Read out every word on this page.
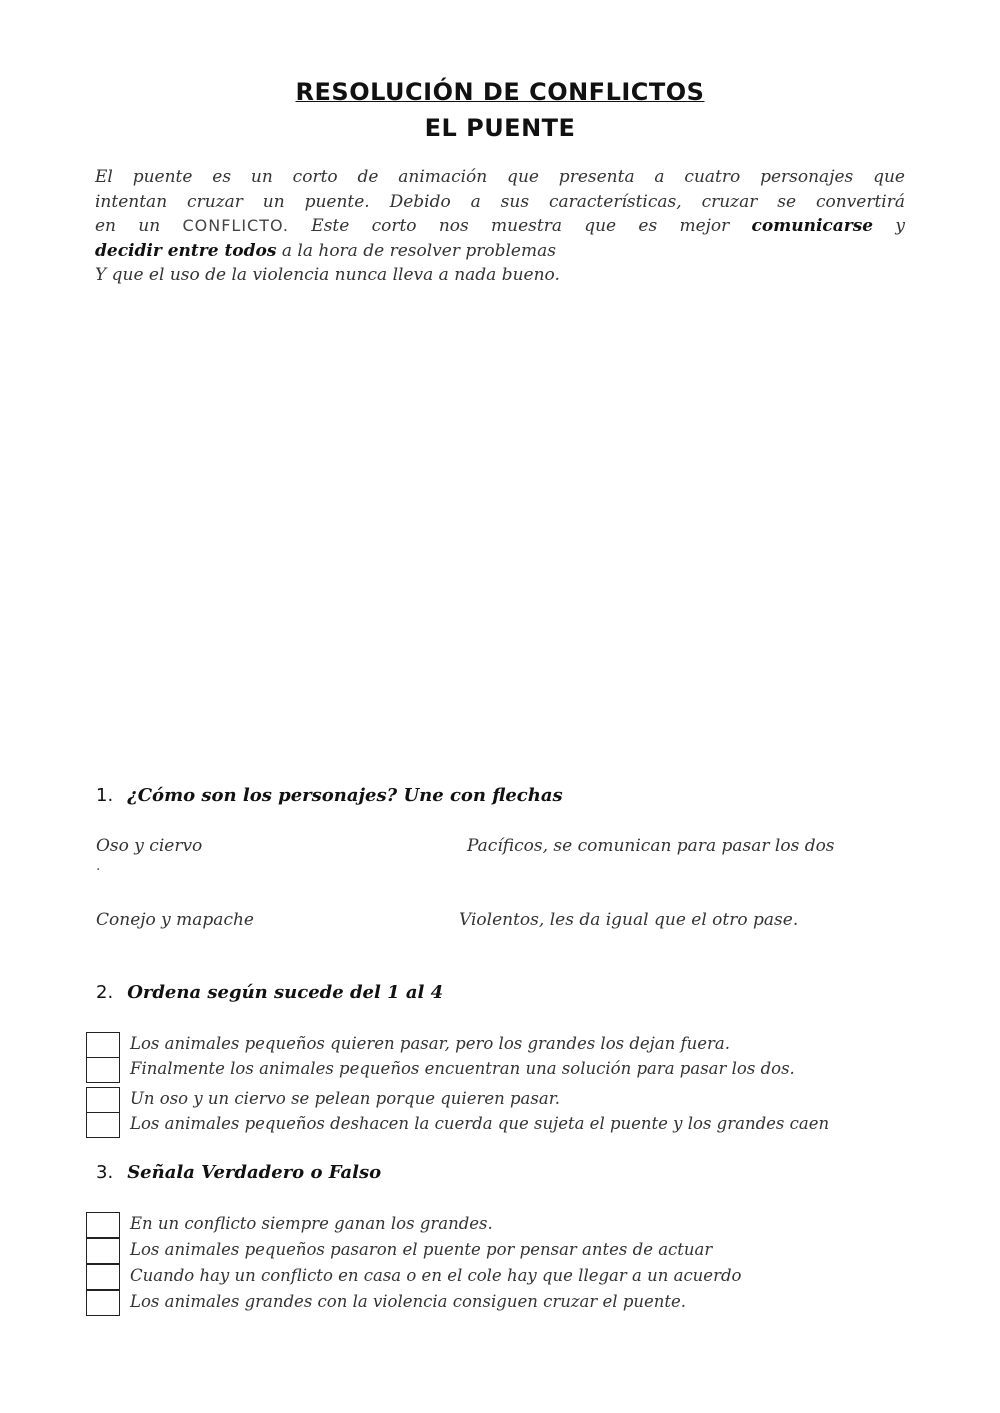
RESOLUCIÓN DE CONFLICTOS
EL PUENTE
El puente es un corto de animación que presenta a cuatro personajes que
intentan cruzar un puente. Debido a sus características, cruzar se convertirá
en un CONFLICTO. Este corto nos muestra que es mejor comunicarse y
decidir entre todos a la hora de resolver problemas
Y que el uso de la violencia nunca lleva a nada bueno.
1. ¿Cómo son los personajes? Une con flechas
Oso y ciervo
.
Pacíficos, se comunican para pasar los dos
Conejo y mapache	Violentos, les da igual que el otro pase.
2. Ordena según sucede del 1 al 4
Los animales pequeños quieren pasar, pero los grandes los dejan fuera.
Finalmente los animales pequeños encuentran una solución para pasar los dos.
Un oso y un ciervo se pelean porque quieren pasar.
Los animales pequeños deshacen la cuerda que sujeta el puente y los grandes caen
3. Señala Verdadero o Falso
En un conflicto siempre ganan los grandes.
Los animales pequeños pasaron el puente por pensar antes de actuar
Cuando hay un conflicto en casa o en el cole hay que llegar a un acuerdo
Los animales grandes con la violencia consiguen cruzar el puente.
